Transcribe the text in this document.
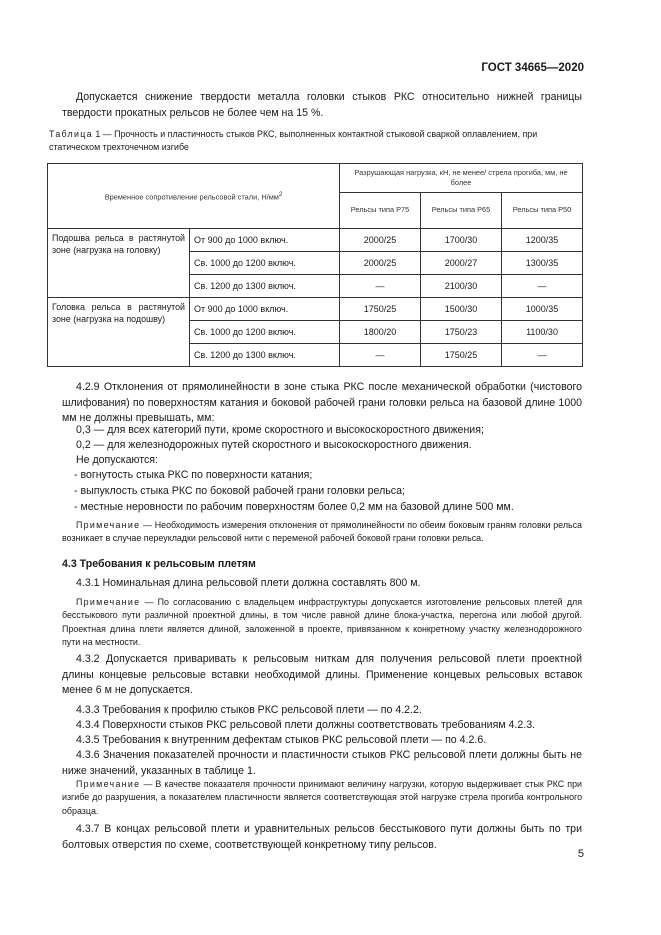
ГОСТ 34665—2020

Допускается снижение твердости металла головки стыков РКС относительно нижней границы твердости прокатных рельсов не более чем на 15 %.

Таблица 1 — Прочность и пластичность стыков РКС, выполненных контактной стыковой сваркой оплавлением, при статическом трехточечном изгибе
Временное сопротивление рельсовой стали, $Н/мм^2$		Разрушающая нагрузка, кН, не менее/ стрела прогиба, мм, не более		
		Рельсы типа Р75	Рельсы типа Р65	Рельсы типа Р50
Подошва рельса в растянутой зоне (нагрузка на головку)	От 900 до 1000 включ.	2000/25	1700/30	1200/35
	Св. 1000 до 1200 включ.	2000/25	2000/27	1300/35
	Св. 1200 до 1300 включ.	—	2100/30	—
Головка рельса в растянутой зоне (нагрузка на подошву)	От 900 до 1000 включ.	1750/25	1500/30	1000/35
	Св. 1000 до 1200 включ.	1800/20	1750/23	1100/30
	Св. 1200 до 1300 включ.	—	1750/25	—

4.2.9 Отклонения от прямолинейности в зоне стыка РКС после механической обработки (чистового шлифования) по поверхностям катания и боковой рабочей грани головки рельса на базовой длине 1000 мм не должны превышать, мм:

0,3 — для всех категорий пути, кроме скоростного и высокоскоростного движения;

0,2 — для железнодорожных путей скоростного и высокоскоростного движения.

Не допускаются:

- вогнутость стыка РКС по поверхности катания;

- выпуклость стыка РКС по боковой рабочей грани головки рельса;

- местные неровности по рабочим поверхностям более 0,2 мм на базовой длине 500 мм.

Примечание — Необходимость измерения отклонения от прямолинейности по обеим боковым граням головки рельса возникает в случае переукладки рельсовой нити с переменой рабочей боковой грани головки рельса.

4.3 Требования к рельсовым плетям

4.3.1 Номинальная длина рельсовой плети должна составлять 800 м.

Примечание — По согласованию с владельцем инфраструктуры допускается изготовление рельсовых плетей для бесстыкового пути различной проектной длины, в том числе равной длине блока-участка, перегона или любой другой. Проектная длина плети является длиной, заложенной в проекте, привязанном к конкретному участку железнодорожного пути на местности.

4.3.2 Допускается приваривать к рельсовым ниткам для получения рельсовой плети проектной длины концевые рельсовые вставки необходимой длины. Применение концевых рельсовых вставок менее 6 м не допускается.

4.3.3 Требования к профилю стыков РКС рельсовой плети — по 4.2.2.

4.3.4 Поверхности стыков РКС рельсовой плети должны соответствовать требованиям 4.2.3.

4.3.5 Требования к внутренним дефектам стыков РКС рельсовой плети — по 4.2.6.

4.3.6 Значения показателей прочности и пластичности стыков РКС рельсовой плети должны быть не ниже значений, указанных в таблице 1.

Примечание — В качестве показателя прочности принимают величину нагрузки, которую выдерживает стык РКС при изгибе до разрушения, а показателем пластичности является соответствующая этой нагрузке стрела прогиба контрольного образца.

4.3.7 В концах рельсовой плети и уравнительных рельсов бесстыкового пути должны быть по три болтовых отверстия по схеме, соответствующей конкретному типу рельсов.

5
